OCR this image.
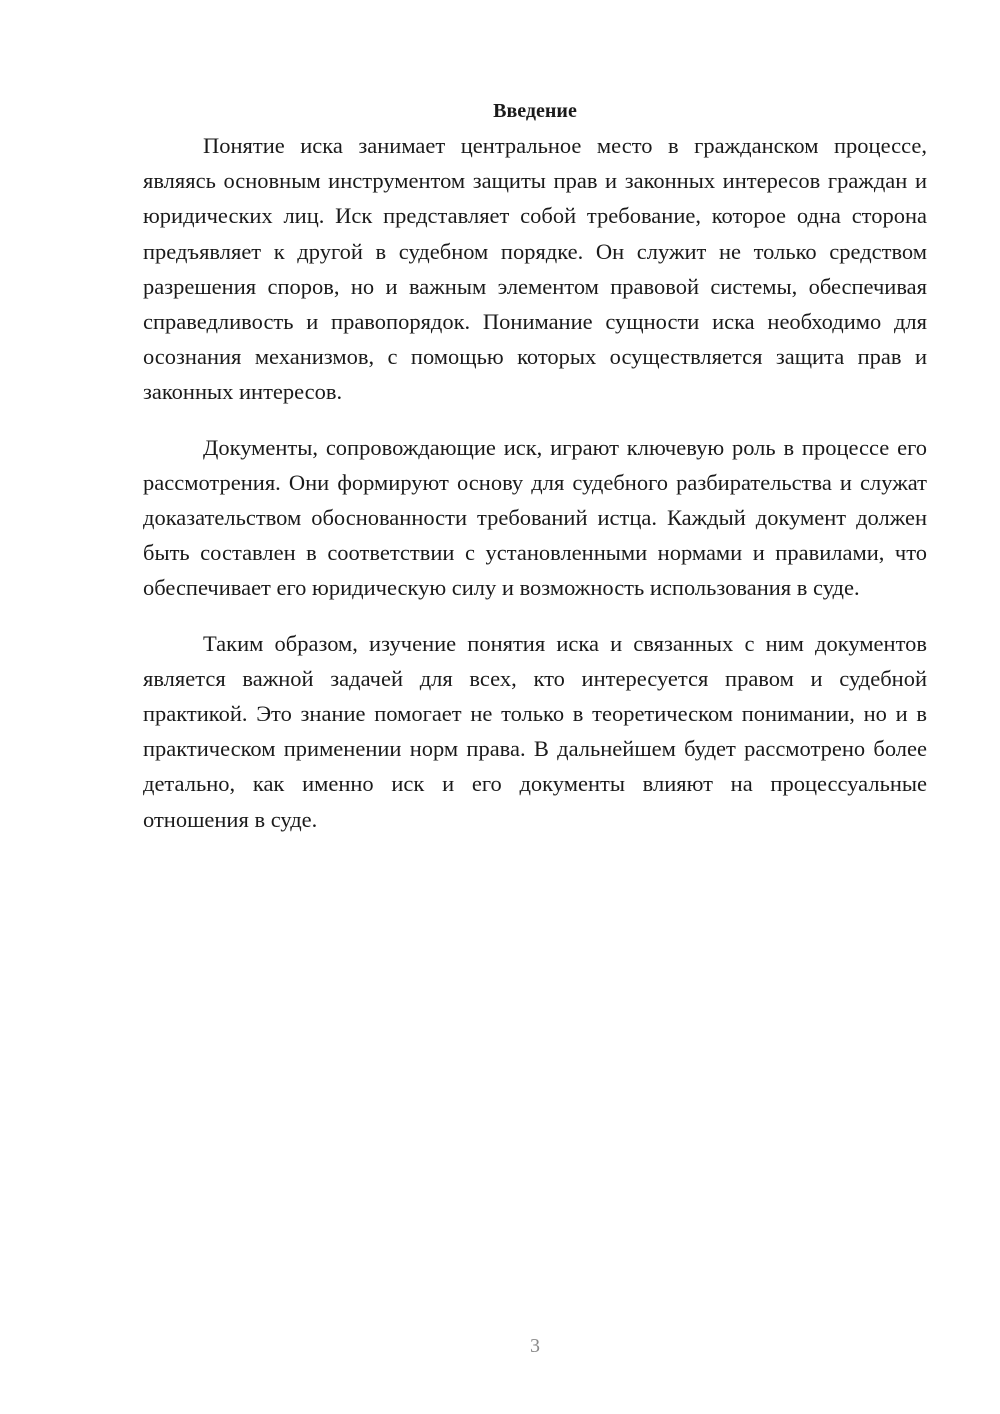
Введение

Понятие иска занимает центральное место в гражданском процессе, являясь основным инструментом защиты прав и законных интересов граждан и юридических лиц. Иск представляет собой требование, которое одна сторона предъявляет к другой в судебном порядке. Он служит не только средством разрешения споров, но и важным элементом правовой системы, обеспечивая справедливость и правопорядок. Понимание сущности иска необходимо для осознания механизмов, с помощью которых осуществляется защита прав и законных интересов.

Документы, сопровождающие иск, играют ключевую роль в процессе его рассмотрения. Они формируют основу для судебного разбирательства и служат доказательством обоснованности требований истца. Каждый документ должен быть составлен в соответствии с установленными нормами и правилами, что обеспечивает его юридическую силу и возможность использования в суде.

Таким образом, изучение понятия иска и связанных с ним документов является важной задачей для всех, кто интересуется правом и судебной практикой. Это знание помогает не только в теоретическом понимании, но и в практическом применении норм права. В дальнейшем будет рассмотрено более детально, как именно иск и его документы влияют на процессуальные отношения в суде.

3
